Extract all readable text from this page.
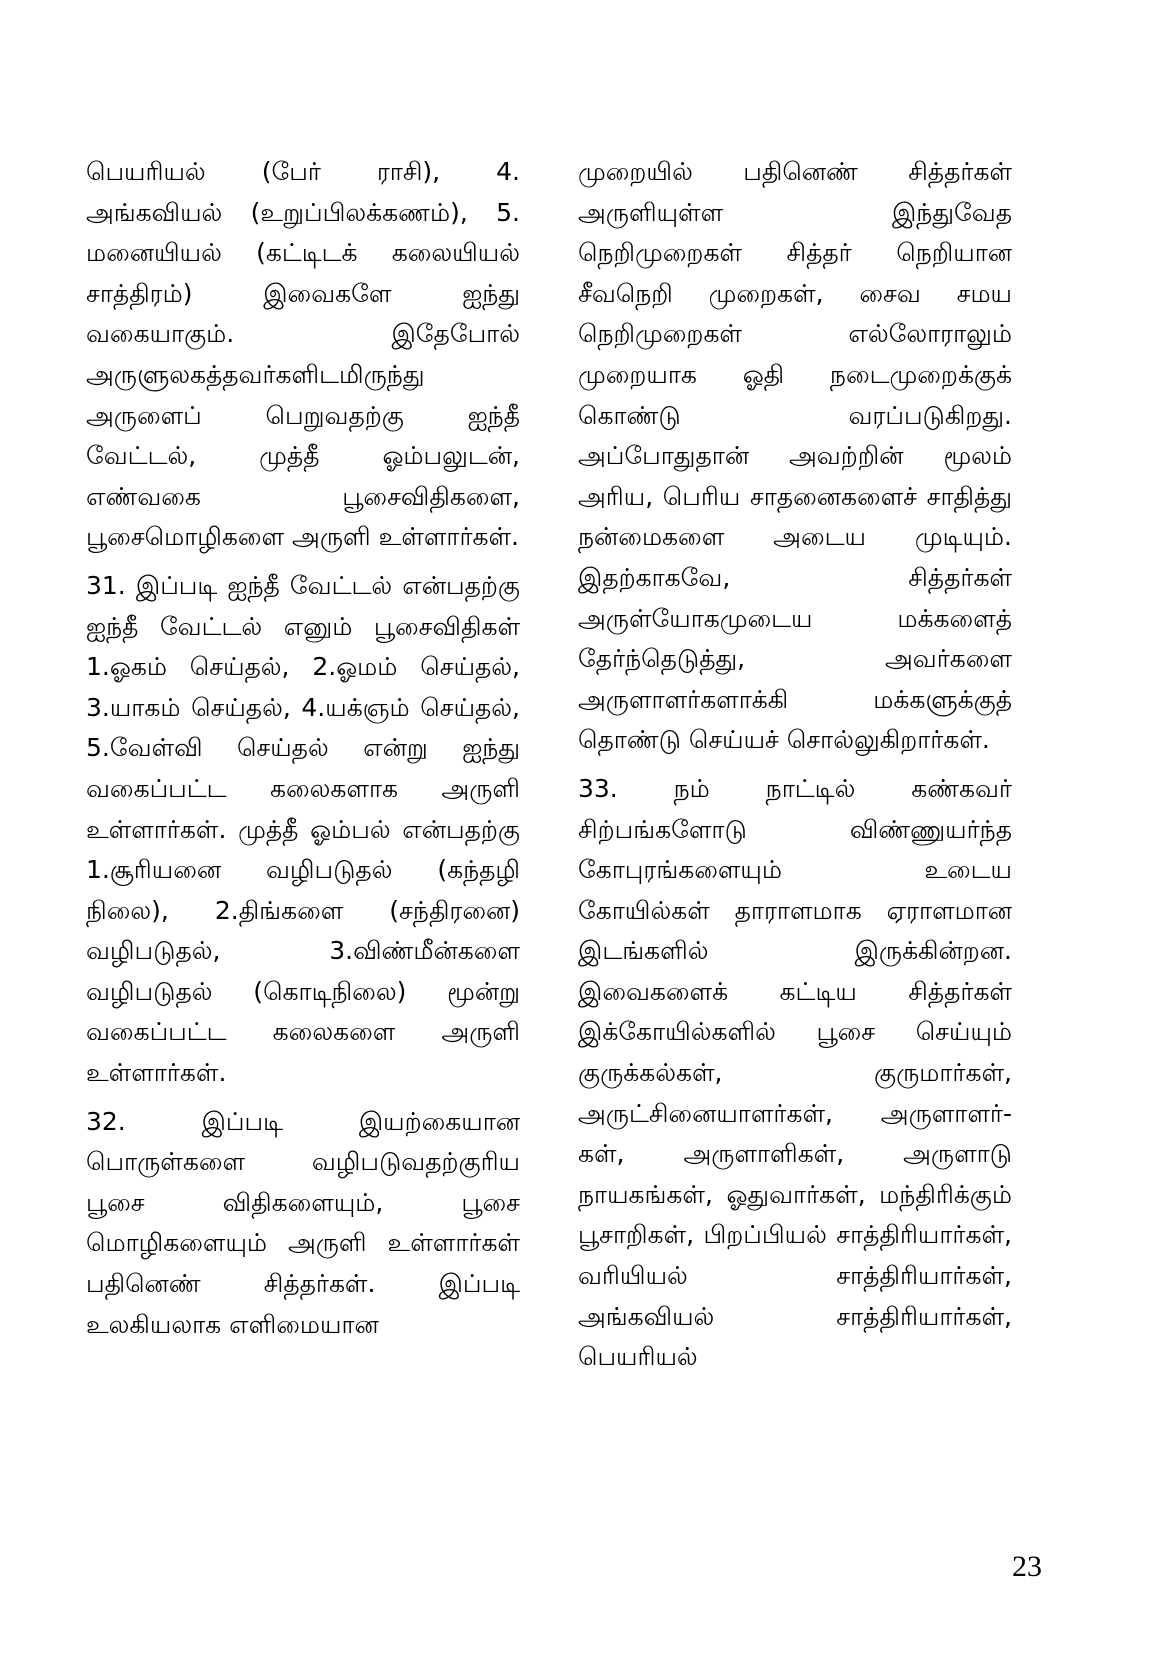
பெயரியல் (பேர் ராசி), 4. அங்கவியல் (உறுப்பிலக்கணம்), 5. மனையியல் (கட்டிடக் கலையியல் சாத்திரம்) இவைகளே ஐந்து வகையாகும். இதேபோல் அருளுலகத்தவர்களிடமிருந்து அருளைப் பெறுவதற்கு ஐந்தீ வேட்டல், முத்தீ ஓம்பலுடன், எண்வகை பூசைவிதிகளை, பூசைமொழிகளை அருளி உள்ளார்கள்.

31. இப்படி ஐந்தீ வேட்டல் என்பதற்கு ஐந்தீ வேட்டல் எனும் பூசைவிதிகள் 1.ஓகம் செய்தல், 2.ஓமம் செய்தல், 3.யாகம் செய்தல், 4.யக்ஞம் செய்தல், 5.வேள்வி செய்தல் என்று ஐந்து வகைப்பட்ட கலைகளாக அருளி உள்ளார்கள். முத்தீ ஓம்பல் என்பதற்கு 1.சூரியனை வழிபடுதல் (கந்தழி நிலை), 2.திங்களை (சந்திரனை) வழிபடுதல், 3.விண்மீன்களை வழிபடுதல் (கொடிநிலை) மூன்று வகைப்பட்ட கலைகளை அருளி உள்ளார்கள்.

32. இப்படி இயற்கையான பொருள்களை வழிபடுவதற்குரிய பூசை விதிகளையும், பூசை மொழிகளையும் அருளி உள்ளார்கள் பதினெண் சித்தர்கள். இப்படி உலகியலாக எளிமையான

முறையில் பதினெண் சித்தர்கள் அருளியுள்ள இந்துவேத நெறிமுறைகள் சித்தர் நெறியான சீவநெறி முறைகள், சைவ சமய நெறிமுறைகள் எல்லோராலும் முறையாக ஓதி நடைமுறைக்குக் கொண்டு வரப்படுகிறது. அப்போதுதான் அவற்றின் மூலம் அரிய, பெரிய சாதனைகளைச் சாதித்து நன்மைகளை அடைய முடியும். இதற்காகவே, சித்தர்கள் அருள்யோகமுடைய மக்களைத் தேர்ந்தெடுத்து, அவர்களை அருளாளர்களாக்கி மக்களுக்குத் தொண்டு செய்யச் சொல்லுகிறார்கள்.

33. நம் நாட்டில் கண்கவர் சிற்பங்களோடு விண்ணுயர்ந்த கோபுரங்களையும் உடைய கோயில்கள் தாராளமாக ஏராளமான இடங்களில் இருக்கின்றன. இவைகளைக் கட்டிய சித்தர்கள் இக்கோயில்களில் பூசை செய்யும் குருக்கல்கள், குருமார்கள், அருட்சினையாளர்கள், அருளாளர்-கள், அருளாளிகள், அருளாடு நாயகங்கள், ஓதுவார்கள், மந்திரிக்கும் பூசாறிகள், பிறப்பியல் சாத்திரியார்கள், வரியியல் சாத்திரியார்கள், அங்கவியல் சாத்திரியார்கள், பெயரியல்

23
